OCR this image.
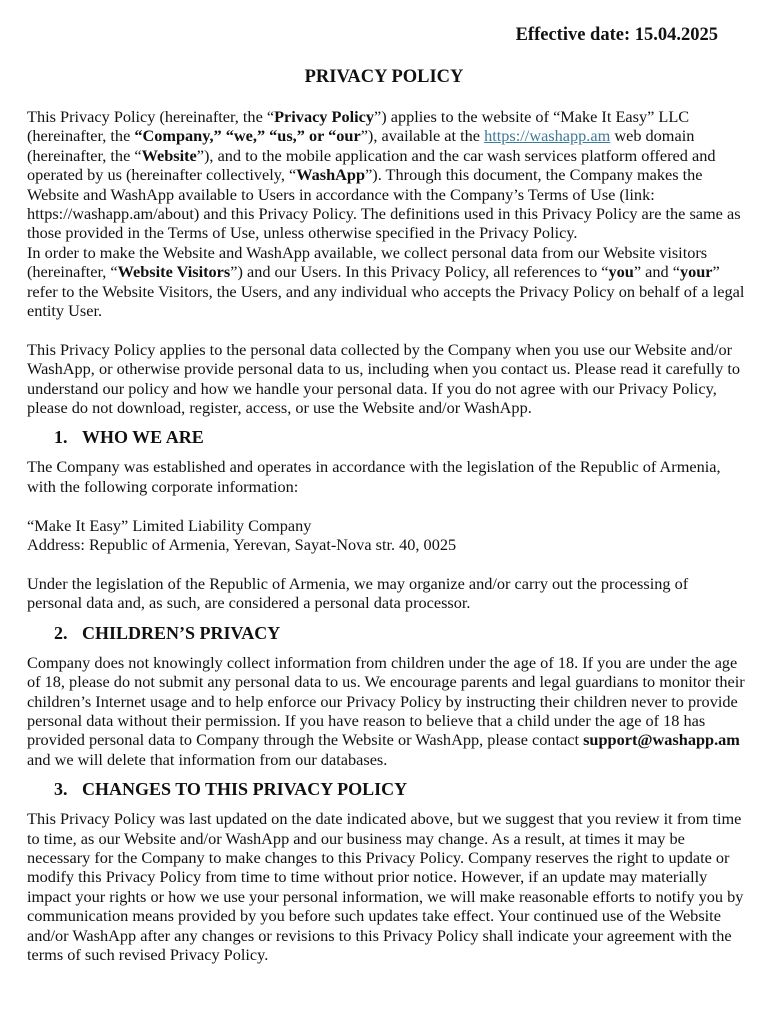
Effective date: 15.04.2025
PRIVACY POLICY

This Privacy Policy (hereinafter, the “Privacy Policy”) applies to the website of “Make It Easy” LLC (hereinafter, the “Company,” “we,” “us,” or “our”), available at the https://washapp.am web domain (hereinafter, the “Website”), and to the mobile application and the car wash services platform offered and operated by us (hereinafter collectively, “WashApp”). Through this document, the Company makes the Website and WashApp available to Users in accordance with the Company’s Terms of Use (link: https://washapp.am/about) and this Privacy Policy. The definitions used in this Privacy Policy are the same as those provided in the Terms of Use, unless otherwise specified in the Privacy Policy.

In order to make the Website and WashApp available, we collect personal data from our Website visitors (hereinafter, “Website Visitors”) and our Users. In this Privacy Policy, all references to “you” and “your” refer to the Website Visitors, the Users, and any individual who accepts the Privacy Policy on behalf of a legal entity User.

This Privacy Policy applies to the personal data collected by the Company when you use our Website and/or WashApp, or otherwise provide personal data to us, including when you contact us. Please read it carefully to understand our policy and how we handle your personal data. If you do not agree with our Privacy Policy, please do not download, register, access, or use the Website and/or WashApp.

1. WHO WE ARE

The Company was established and operates in accordance with the legislation of the Republic of Armenia, with the following corporate information:

“Make It Easy” Limited Liability Company

Address: Republic of Armenia, Yerevan, Sayat-Nova str. 40, 0025

Under the legislation of the Republic of Armenia, we may organize and/or carry out the processing of personal data and, as such, are considered a personal data processor.

2. CHILDREN’S PRIVACY

Company does not knowingly collect information from children under the age of 18. If you are under the age of 18, please do not submit any personal data to us. We encourage parents and legal guardians to monitor their children’s Internet usage and to help enforce our Privacy Policy by instructing their children never to provide personal data without their permission. If you have reason to believe that a child under the age of 18 has provided personal data to Company through the Website or WashApp, please contact support@washapp.am and we will delete that information from our databases.

3. CHANGES TO THIS PRIVACY POLICY

This Privacy Policy was last updated on the date indicated above, but we suggest that you review it from time to time, as our Website and/or WashApp and our business may change. As a result, at times it may be necessary for the Company to make changes to this Privacy Policy. Company reserves the right to update or modify this Privacy Policy from time to time without prior notice. However, if an update may materially impact your rights or how we use your personal information, we will make reasonable efforts to notify you by communication means provided by you before such updates take effect. Your continued use of the Website and/or WashApp after any changes or revisions to this Privacy Policy shall indicate your agreement with the terms of such revised Privacy Policy.
